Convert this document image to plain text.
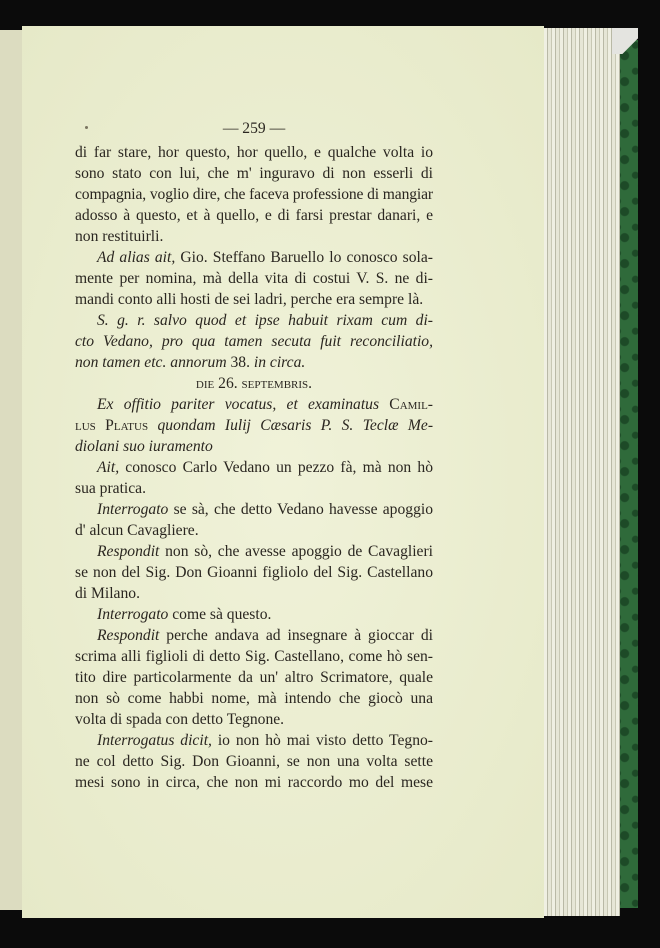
— 259 —
di far stare, hor questo, hor quello, e qualche volta io
sono stato con lui, che m' inguravo di non esserli di
compagnia, voglio dire, che faceva professione di mangiar
adosso à questo, et à quello, e di farsi prestar danari, e
non restituirli.
Ad alias ait, Gio. Steffano Baruello lo conosco sola-
mente per nomina, mà della vita di costui V. S. ne di-
mandi conto alli hosti de sei ladri, perche era sempre là.
S. g. r. salvo quod et ipse habuit rixam cum di-
cto Vedano, pro qua tamen secuta fuit reconciliatio,
non tamen etc. annorum 38. in circa.
die 26. septembris.
Ex offitio pariter vocatus, et examinatus Camil-
lus Platus quondam Iulij Cæsaris P. S. Teclæ Me-
diolani suo iuramento
Ait, conosco Carlo Vedano un pezzo fà, mà non hò
sua pratica.
Interrogato se sà, che detto Vedano havesse apoggio
d' alcun Cavagliere.
Respondit non sò, che avesse apoggio de Cavaglieri
se non del Sig. Don Gioanni figliolo del Sig. Castellano
di Milano.
Interrogato come sà questo.
Respondit perche andava ad insegnare à gioccar di
scrima alli figlioli di detto Sig. Castellano, come hò sen-
tito dire particolarmente da un' altro Scrimatore, quale
non sò come habbi nome, mà intendo che giocò una
volta di spada con detto Tegnone.
Interrogatus dicit, io non hò mai visto detto Tegno-
ne col detto Sig. Don Gioanni, se non una volta sette
mesi sono in circa, che non mi raccordo mo del mese
